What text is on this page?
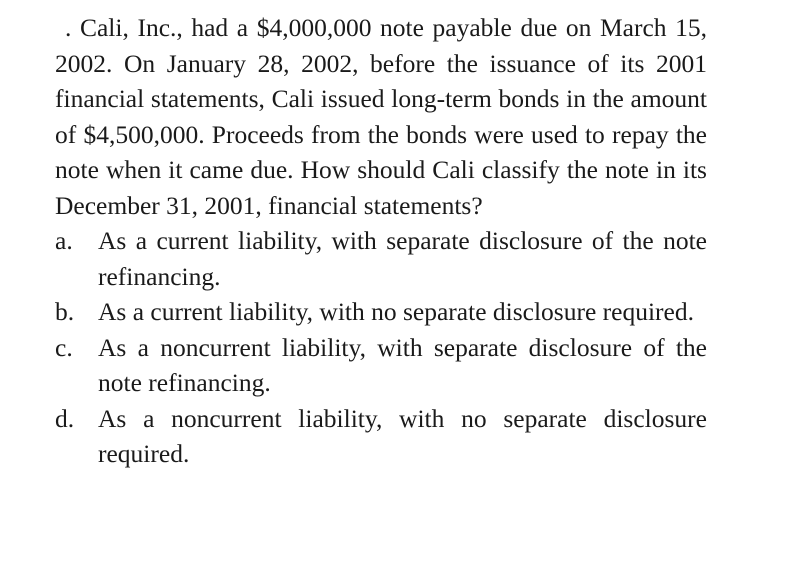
. Cali, Inc., had a $4,000,000 note payable due on March 15, 2002. On January 28, 2002, before the issuance of its 2001 financial statements, Cali issued long-term bonds in the amount of $4,500,000. Proceeds from the bonds were used to repay the note when it came due. How should Cali classify the note in its December 31, 2001, financial statements?

a. As a current liability, with separate disclosure of the note refinancing.
b. As a current liability, with no separate disclosure required.
c. As a noncurrent liability, with separate disclosure of the note refinancing.
d. As a noncurrent liability, with no separate disclosure required.
